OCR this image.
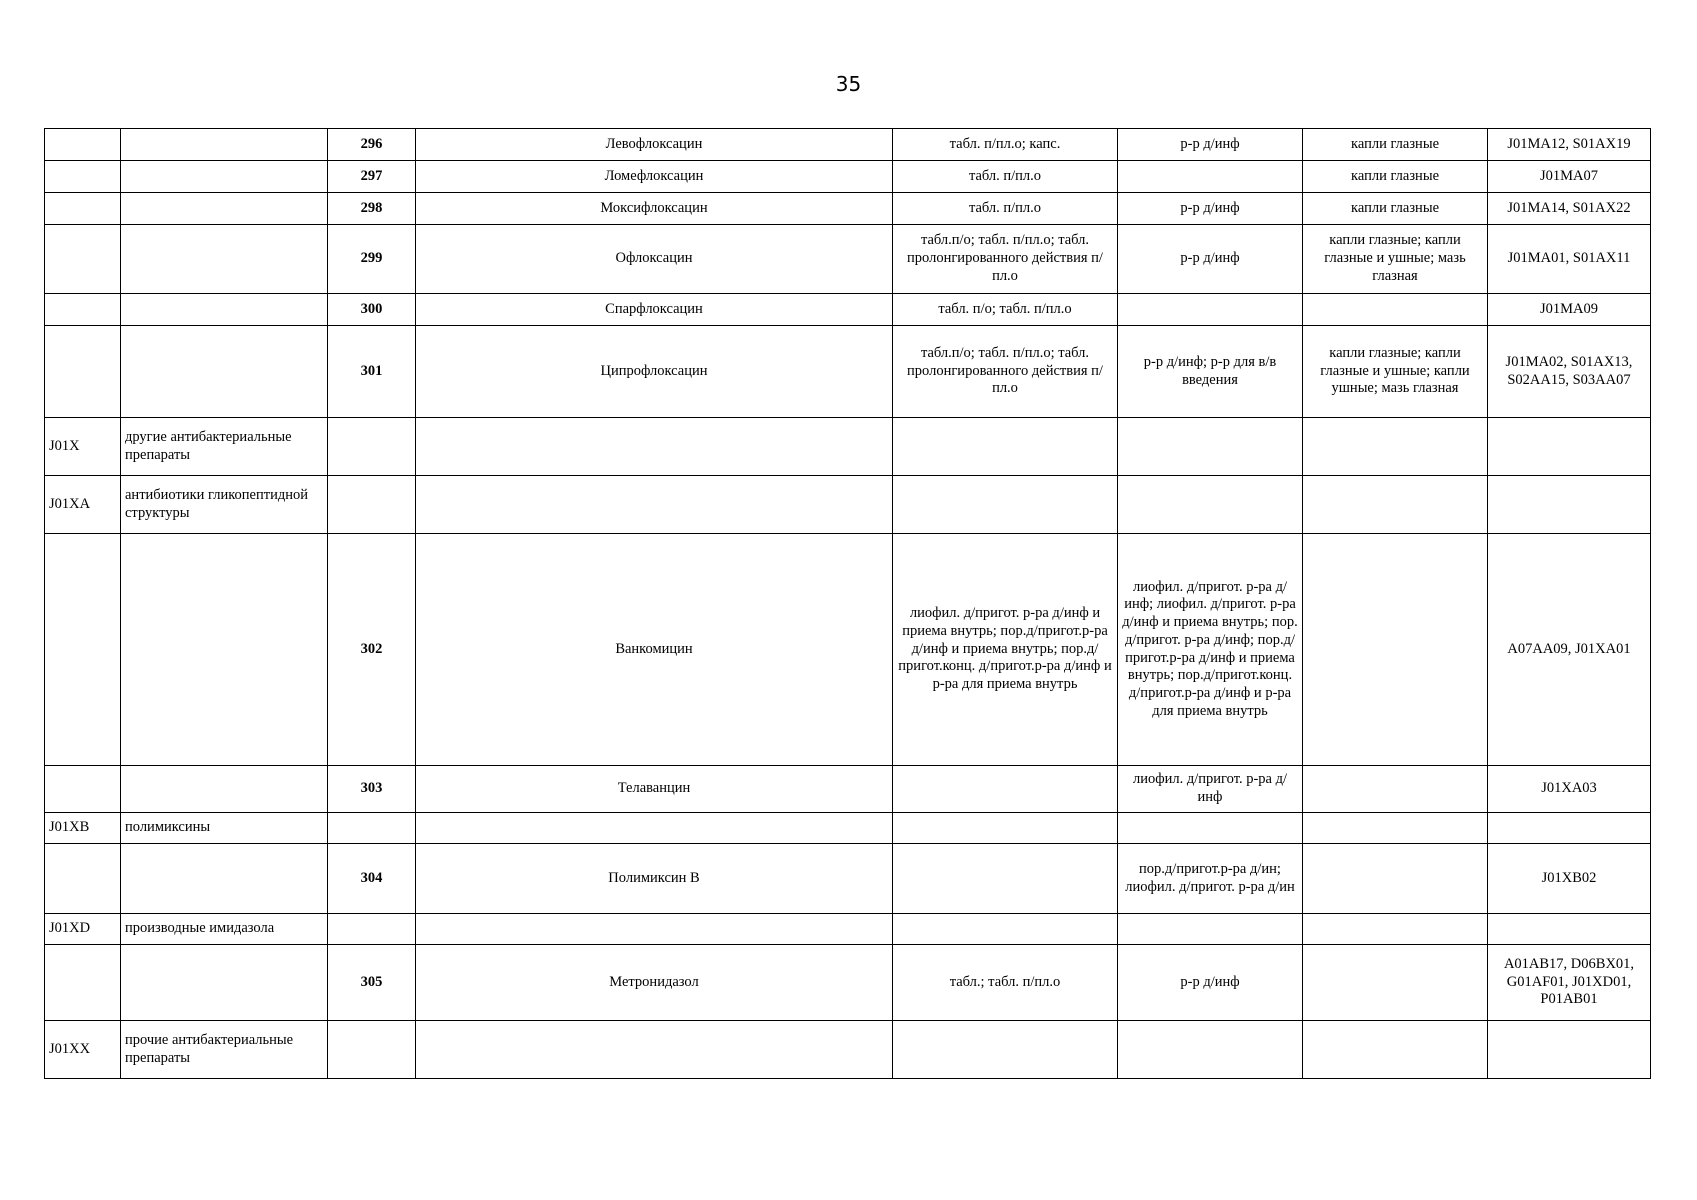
35
		296	Левофлоксацин	табл. п/пл.о; капс.	р-р д/инф	капли глазные	J01MA12, S01AX19
		297	Ломефлоксацин	табл. п/пл.о		капли глазные	J01MA07
		298	Моксифлоксацин	табл. п/пл.о	р-р д/инф	капли глазные	J01MA14, S01AX22
		299	Офлоксацин	табл.п/о; табл. п/пл.о; табл. пролонгированного действия п/пл.о	р-р д/инф	капли глазные; капли глазные и ушные; мазь глазная	J01MA01, S01AX11
		300	Спарфлоксацин	табл. п/о; табл. п/пл.о			J01MA09
		301	Ципрофлоксацин	табл.п/о; табл. п/пл.о; табл. пролонгированного действия п/пл.о	р-р д/инф; р-р для в/в введения	капли глазные; капли глазные и ушные; капли ушные; мазь глазная	J01MA02, S01AX13, S02AA15, S03AA07
J01X	другие антибактериальные препараты						
J01XA	антибиотики гликопептидной структуры						
		302	Ванкомицин	лиофил. д/пригот. р-ра д/инф и приема внутрь; пор.д/пригот.р-ра д/инф и приема внутрь; пор.д/пригот.конц. д/пригот.р-ра д/инф и р-ра для приема внутрь	лиофил. д/пригот. р-ра д/инф; лиофил. д/пригот. р-ра д/инф и приема внутрь; пор. д/пригот. р-ра д/инф; пор.д/пригот.р-ра д/инф и приема внутрь; пор.д/пригот.конц. д/пригот.р-ра д/инф и р-ра для приема внутрь		A07AA09, J01XA01
		303	Телаванцин		лиофил. д/пригот. р-ра д/инф		J01XA03
J01XB	полимиксины						
		304	Полимиксин В		пор.д/пригот.р-ра д/ин; лиофил. д/пригот. р-ра д/ин		J01XB02
J01XD	производные имидазола						
		305	Метронидазол	табл.; табл. п/пл.о	р-р д/инф		A01AB17, D06BX01, G01AF01, J01XD01, P01AB01
J01XX	прочие антибактериальные препараты						
